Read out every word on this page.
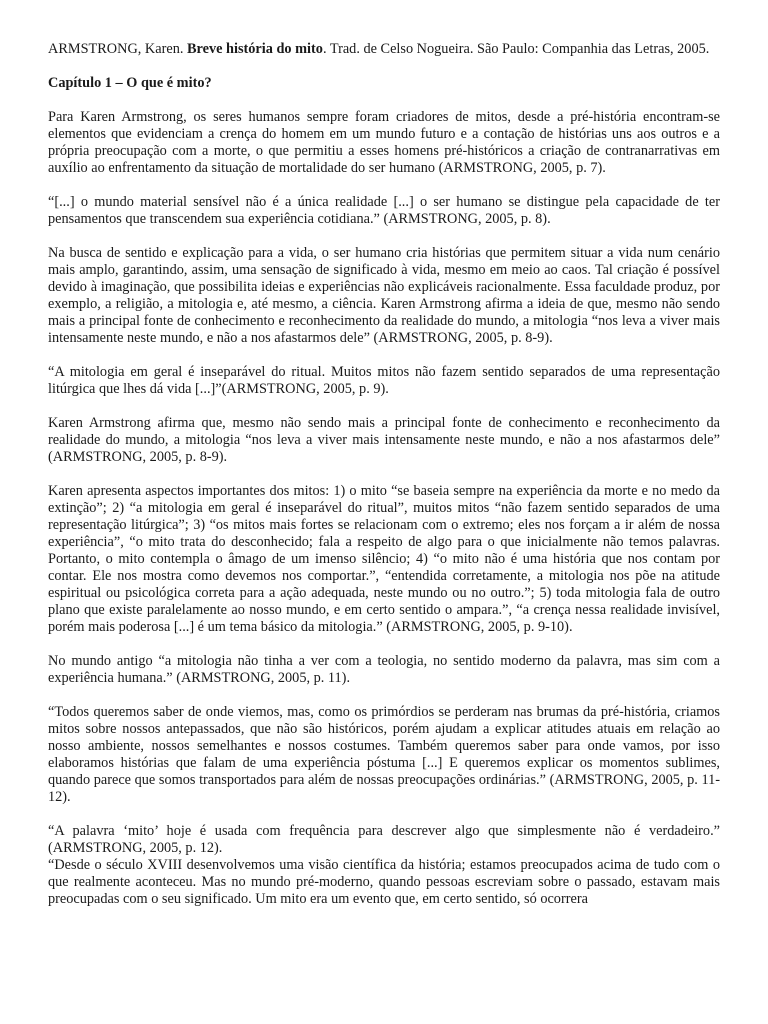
ARMSTRONG, Karen. Breve história do mito. Trad. de Celso Nogueira. São Paulo: Companhia das Letras, 2005.

Capítulo 1 – O que é mito?

Para Karen Armstrong, os seres humanos sempre foram criadores de mitos, desde a pré-história encontram-se elementos que evidenciam a crença do homem em um mundo futuro e a contação de histórias uns aos outros e a própria preocupação com a morte, o que permitiu a esses homens pré-históricos a criação de contranarrativas em auxílio ao enfrentamento da situação de mortalidade do ser humano (ARMSTRONG, 2005, p. 7).

“[...] o mundo material sensível não é a única realidade [...] o ser humano se distingue pela capacidade de ter pensamentos que transcendem sua experiência cotidiana.” (ARMSTRONG, 2005, p. 8).

Na busca de sentido e explicação para a vida, o ser humano cria histórias que permitem situar a vida num cenário mais amplo, garantindo, assim, uma sensação de significado à vida, mesmo em meio ao caos. Tal criação é possível devido à imaginação, que possibilita ideias e experiências não explicáveis racionalmente. Essa faculdade produz, por exemplo, a religião, a mitologia e, até mesmo, a ciência. Karen Armstrong afirma a ideia de que, mesmo não sendo mais a principal fonte de conhecimento e reconhecimento da realidade do mundo, a mitologia “nos leva a viver mais intensamente neste mundo, e não a nos afastarmos dele” (ARMSTRONG, 2005, p. 8-9).

“A mitologia em geral é inseparável do ritual. Muitos mitos não fazem sentido separados de uma representação litúrgica que lhes dá vida [...]”(ARMSTRONG, 2005, p. 9).

Karen Armstrong afirma que, mesmo não sendo mais a principal fonte de conhecimento e reconhecimento da realidade do mundo, a mitologia “nos leva a viver mais intensamente neste mundo, e não a nos afastarmos dele” (ARMSTRONG, 2005, p. 8-9).

Karen apresenta aspectos importantes dos mitos: 1) o mito “se baseia sempre na experiência da morte e no medo da extinção”; 2) “a mitologia em geral é inseparável do ritual”, muitos mitos “não fazem sentido separados de uma representação litúrgica”; 3) “os mitos mais fortes se relacionam com o extremo; eles nos forçam a ir além de nossa experiência”, “o mito trata do desconhecido; fala a respeito de algo para o que inicialmente não temos palavras. Portanto, o mito contempla o âmago de um imenso silêncio; 4) “o mito não é uma história que nos contam por contar. Ele nos mostra como devemos nos comportar.”, “entendida corretamente, a mitologia nos põe na atitude espiritual ou psicológica correta para a ação adequada, neste mundo ou no outro.”; 5) toda mitologia fala de outro plano que existe paralelamente ao nosso mundo, e em certo sentido o ampara.”, “a crença nessa realidade invisível, porém mais poderosa [...] é um tema básico da mitologia.” (ARMSTRONG, 2005, p. 9-10).

No mundo antigo “a mitologia não tinha a ver com a teologia, no sentido moderno da palavra, mas sim com a experiência humana.” (ARMSTRONG, 2005, p. 11).

“Todos queremos saber de onde viemos, mas, como os primórdios se perderam nas brumas da pré-história, criamos mitos sobre nossos antepassados, que não são históricos, porém ajudam a explicar atitudes atuais em relação ao nosso ambiente, nossos semelhantes e nossos costumes. Também queremos saber para onde vamos, por isso elaboramos histórias que falam de uma experiência póstuma [...] E queremos explicar os momentos sublimes, quando parece que somos transportados para além de nossas preocupações ordinárias.” (ARMSTRONG, 2005, p. 11-12).

“A palavra ‘mito’ hoje é usada com frequência para descrever algo que simplesmente não é verdadeiro.” (ARMSTRONG, 2005, p. 12).

“Desde o século XVIII desenvolvemos uma visão científica da história; estamos preocupados acima de tudo com o que realmente aconteceu. Mas no mundo pré-moderno, quando pessoas escreviam sobre o passado, estavam mais preocupadas com o seu significado. Um mito era um evento que, em certo sentido, só ocorrera
